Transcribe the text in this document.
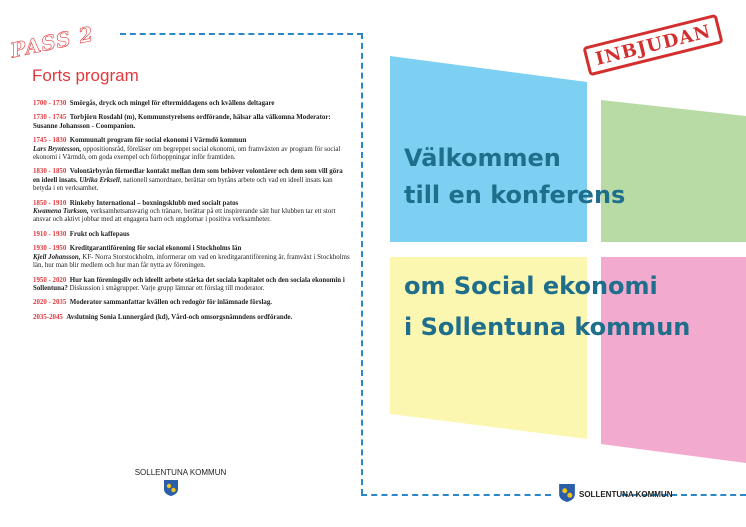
PASS 2
Forts program
1700 - 1730 Smörgås, dryck och mingel för eftermiddagens och kvällens deltagare
1730 - 1745 Torbjörn Rosdahl (m), Kommunstyrelsens ordförande, hälsar alla välkomna Moderator: Susanne Johansson - Coompanion.
1745 - 1830 Kommunalt program för social ekonomi i Värmdö kommun
Lars Bryntesson, oppositionsråd, föreläser om begreppet social ekonomi, om framväxten av program för social ekonomi i Värmdö, om goda exempel och förhoppningar inför framtiden.
1830 - 1850 Volontärbyrån förmedlar kontakt mellan dem som behöver volontärer och dem som vill göra en ideell insats. Ulrika Erksell, nationell samordnare, berättar om byråns arbete och vad en ideell insats kan betyda i en verksamhet.
1850 - 1910 Rinkeby International – boxningsklubb med socialt patos
Kwamena Turkson, verksamhetsansvarig och tränare, berättar på ett inspirerande sätt hur klubben tar ett stort ansvar och aktivt jobbar med att engagera barn och ungdomar i positiva verksamheter.
1910 - 1930 Frukt och kaffepaus
1930 - 1950 Kreditgarantiförening för social ekonomi i Stockholms län
Kjell Johansson, KF- Norra Storstockholm, informerar om vad en kreditgarantiförening är, framväxt i Stockholms län, hur man blir medlem och hur man får nytta av föreningen.
1950 - 2020 Hur kan föreningsliv och ideellt arbete stärka det sociala kapitalet och den sociala ekonomin i Sollentuna? Diskussion i smågrupper. Varje grupp lämnar ett förslag till moderator.
2020 - 2035 Moderator sammanfattar kvällen och redogör för inlämnade förslag.
2035-2045 Avslutning Sonia Lunnergård (kd), Vård-och omsorgsnämndens ordförande.
SOLLENTUNA KOMMUN
INBJUDAN
Välkommen
till en konferens
om Social ekonomi
i Sollentuna kommun
SOLLENTUNA KOMMUN
